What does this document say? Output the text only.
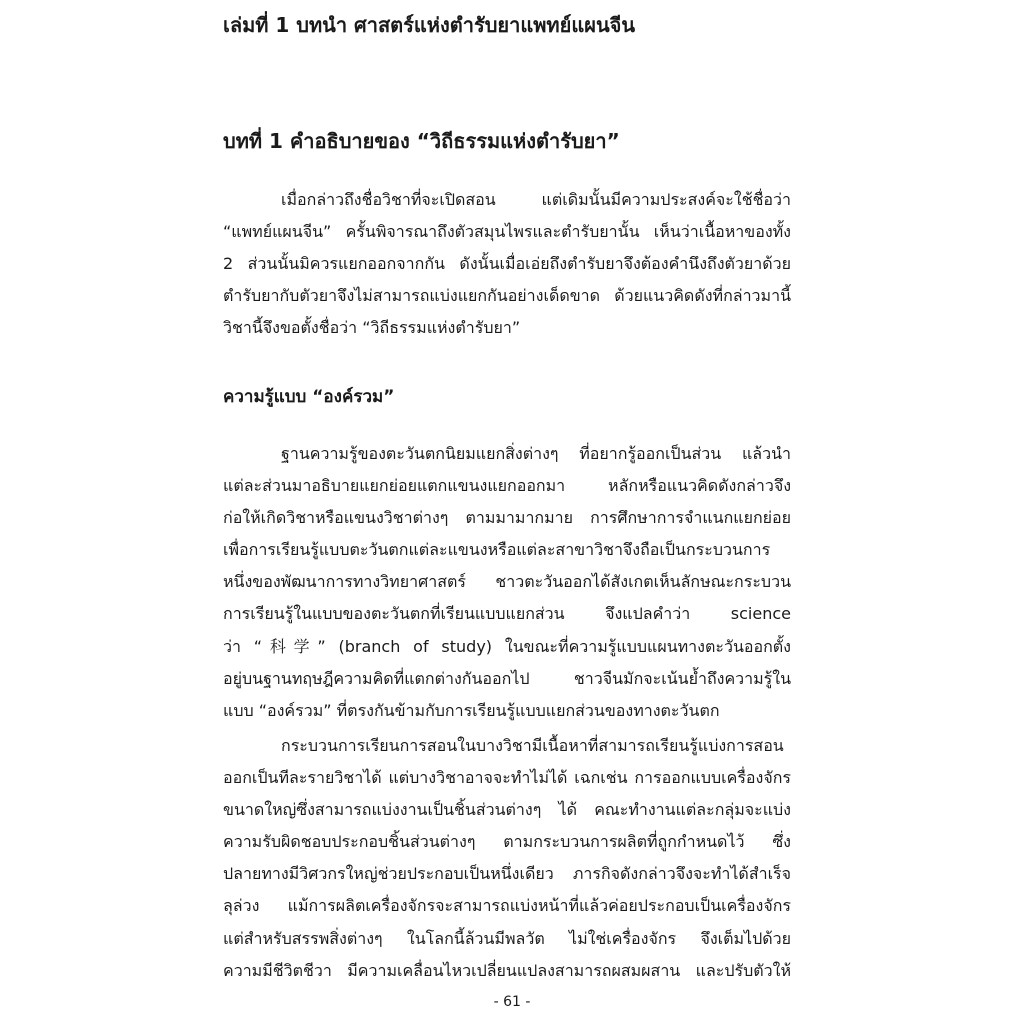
เล่มที่ 1 บทนำ ศาสตร์แห่งตำรับยาแพทย์แผนจีน
บทที่ 1 คำอธิบายของ “วิถีธรรมแห่งตำรับยา”
เมื่อกล่าวถึงชื่อวิชาที่จะเปิดสอน แต่เดิมนั้นมีความประสงค์จะใช้ชื่อว่า
“แพทย์แผนจีน” ครั้นพิจารณาถึงตัวสมุนไพรและตำรับยานั้น เห็นว่าเนื้อหาของทั้ง
2 ส่วนนั้นมิควรแยกออกจากกัน ดังนั้นเมื่อเอ่ยถึงตำรับยาจึงต้องคำนึงถึงตัวยาด้วย
ตำรับยากับตัวยาจึงไม่สามารถแบ่งแยกกันอย่างเด็ดขาด ด้วยแนวคิดดังที่กล่าวมานี้
วิชานี้จึงขอตั้งชื่อว่า “วิถีธรรมแห่งตำรับยา”
ความรู้แบบ “องค์รวม”
ฐานความรู้ของตะวันตกนิยมแยกสิ่งต่างๆ ที่อยากรู้ออกเป็นส่วน แล้วนำ
แต่ละส่วนมาอธิบายแยกย่อยแตกแขนงแยกออกมา หลักหรือแนวคิดดังกล่าวจึง
ก่อให้เกิดวิชาหรือแขนงวิชาต่างๆ ตามมามากมาย การศึกษาการจำแนกแยกย่อย
เพื่อการเรียนรู้แบบตะวันตกแต่ละแขนงหรือแต่ละสาขาวิชาจึงถือเป็นกระบวนการ
หนึ่งของพัฒนาการทางวิทยาศาสตร์ ชาวตะวันออกได้สังเกตเห็นลักษณะกระบวน
การเรียนรู้ในแบบของตะวันตกที่เรียนแบบแยกส่วน จึงแปลคำว่า science
ว่า “科学” (branch of study) ในขณะที่ความรู้แบบแผนทางตะวันออกตั้ง
อยู่บนฐานทฤษฎีความคิดที่แตกต่างกันออกไป ชาวจีนมักจะเน้นย้ำถึงความรู้ใน
แบบ “องค์รวม” ที่ตรงกันข้ามกับการเรียนรู้แบบแยกส่วนของทางตะวันตก
กระบวนการเรียนการสอนในบางวิชามีเนื้อหาที่สามารถเรียนรู้แบ่งการสอน
ออกเป็นทีละรายวิชาได้ แต่บางวิชาอาจจะทำไม่ได้ เฉกเช่น การออกแบบเครื่องจักร
ขนาดใหญ่ซึ่งสามารถแบ่งงานเป็นชิ้นส่วนต่างๆ ได้ คณะทำงานแต่ละกลุ่มจะแบ่ง
ความรับผิดชอบประกอบชิ้นส่วนต่างๆ ตามกระบวนการผลิตที่ถูกกำหนดไว้ ซึ่ง
ปลายทางมีวิศวกรใหญ่ช่วยประกอบเป็นหนึ่งเดียว ภารกิจดังกล่าวจึงจะทำได้สำเร็จ
ลุล่วง แม้การผลิตเครื่องจักรจะสามารถแบ่งหน้าที่แล้วค่อยประกอบเป็นเครื่องจักร
แต่สำหรับสรรพสิ่งต่างๆ ในโลกนี้ล้วนมีพลวัต ไม่ใช่เครื่องจักร จึงเต็มไปด้วย
ความมีชีวิตชีวา มีความเคลื่อนไหวเปลี่ยนแปลงสามารถผสมผสาน และปรับตัวให้
- 61 -
